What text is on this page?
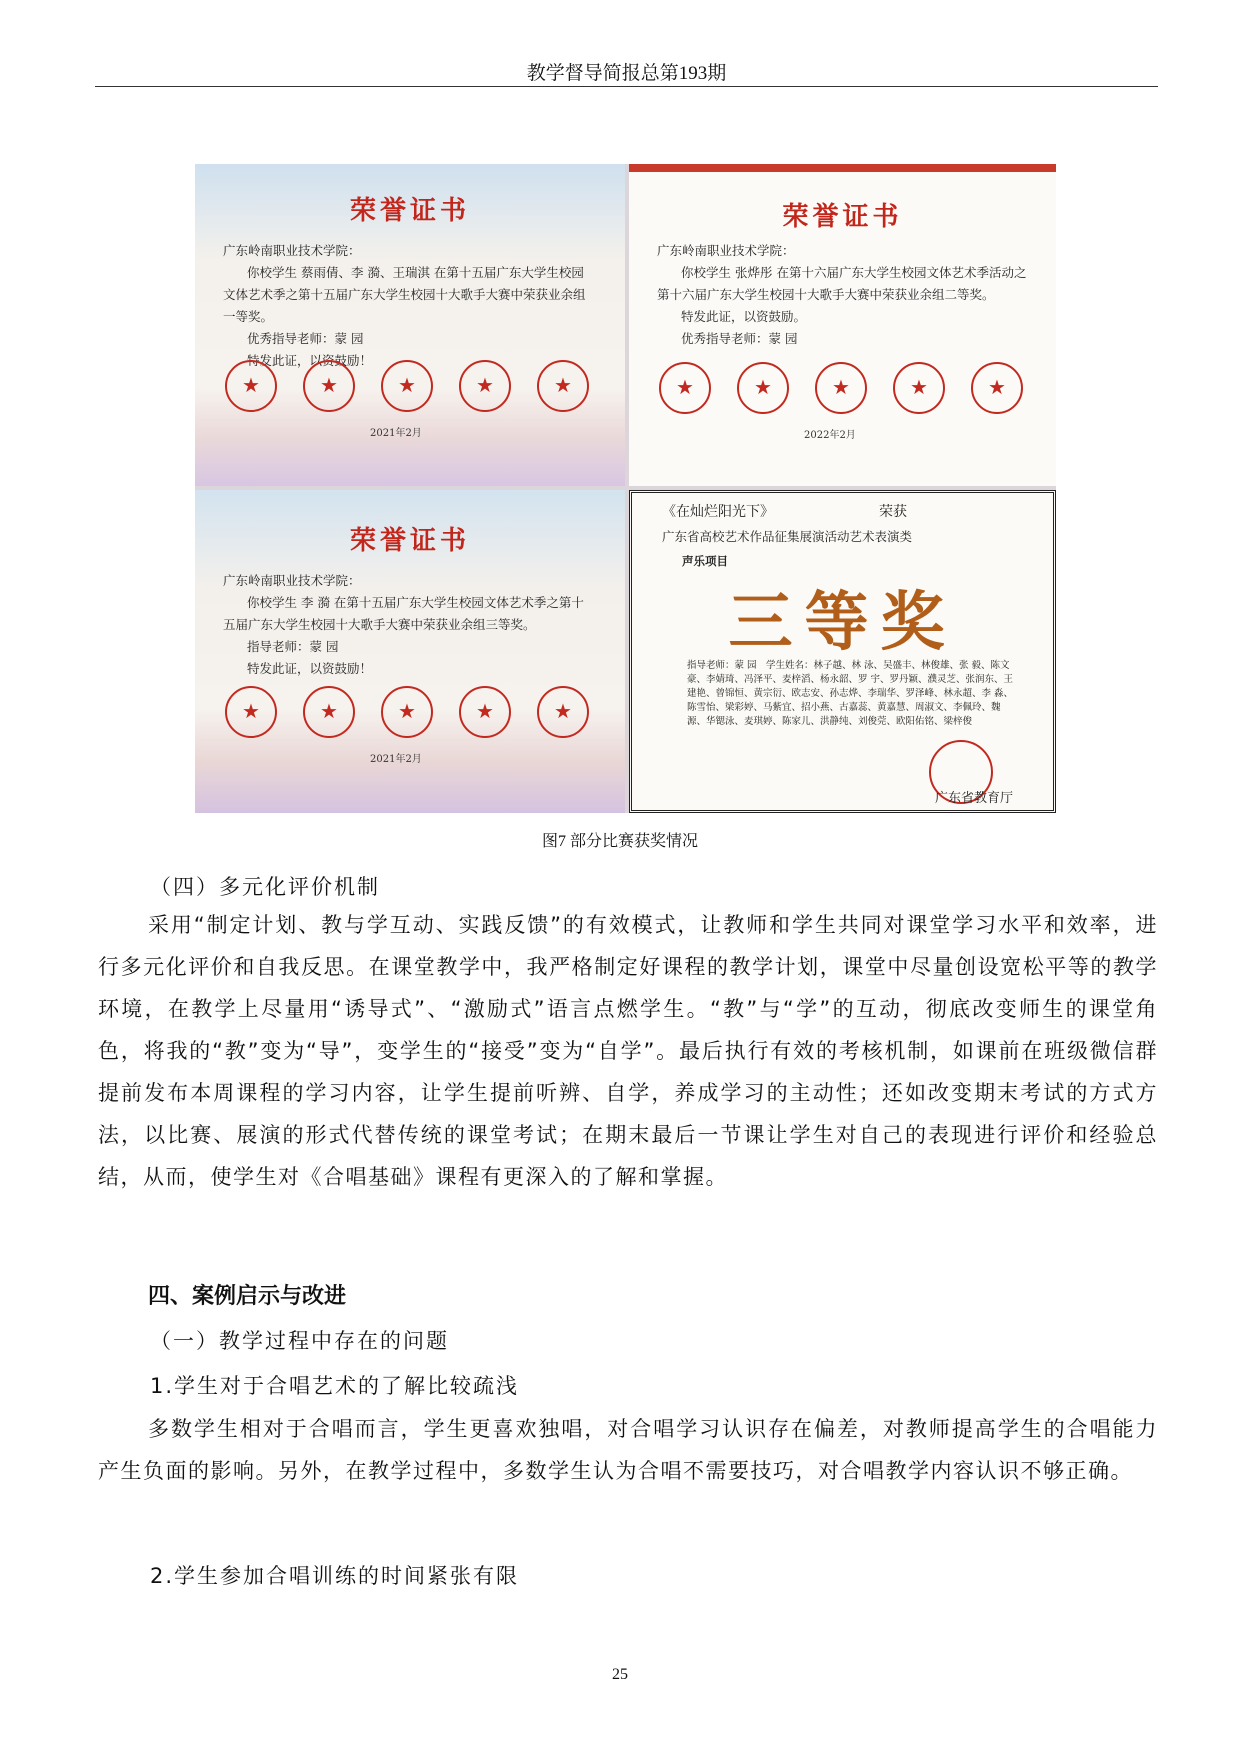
教学督导简报总第193期
荣誉证书

广东岭南职业技术学院：

你校学生 蔡雨倩、李 漪、王瑞淇 在第十五届广东大学生校园文体艺术季之第十五届广东大学生校园十大歌手大赛中荣获业余组一等奖。

优秀指导老师：蒙 园

特发此证，以资鼓励！

★	★	★	★	★
2021年2月
荣誉证书

广东岭南职业技术学院：

你校学生 张烨彤 在第十六届广东大学生校园文体艺术季活动之第十六届广东大学生校园十大歌手大赛中荣获业余组二等奖。

特发此证，以资鼓励。

优秀指导老师：蒙 园

★	★	★	★	★
2022年2月
荣誉证书

广东岭南职业技术学院：

你校学生 李 漪 在第十五届广东大学生校园文体艺术季之第十五届广东大学生校园十大歌手大赛中荣获业余组三等奖。

指导老师：蒙 园

特发此证，以资鼓励！

★	★	★	★	★
2021年2月
《在灿烂阳光下》　　　　　　　　荣获
广东省高校艺术作品征集展演活动艺术表演类
声乐项目
三等奖
指导老师：蒙 园　学生姓名：林子越、林 泳、吴盛丰、林俊雄、张 毅、陈文豪、李婧琦、冯泽平、麦梓滔、杨永韶、罗 宇、罗丹颖、濮灵芝、张润东、王建艳、曾锦恒、黄宗衍、欧志安、孙志烨、李瑞华、罗泽峰、林永超、李 淼、陈雪怡、梁彩婷、马紫宜、招小燕、古嘉蕊、黄嘉慧、周淑文、李佩玲、魏 源、华锶泳、麦琪婷、陈家儿、洪静纯、刘俊莞、欧阳佑铭、梁梓俊
广东省教育厅
图7 部分比赛获奖情况
（四）多元化评价机制

采用“制定计划、教与学互动、实践反馈”的有效模式，让教师和学生共同对课堂学习水平和效率，进行多元化评价和自我反思。在课堂教学中，我严格制定好课程的教学计划，课堂中尽量创设宽松平等的教学环境，在教学上尽量用“诱导式”、“激励式”语言点燃学生。“教”与“学”的互动，彻底改变师生的课堂角色，将我的“教”变为“导”，变学生的“接受”变为“自学”。最后执行有效的考核机制，如课前在班级微信群提前发布本周课程的学习内容，让学生提前听辨、自学，养成学习的主动性；还如改变期末考试的方式方法，以比赛、展演的形式代替传统的课堂考试；在期末最后一节课让学生对自己的表现进行评价和经验总结，从而，使学生对《合唱基础》课程有更深入的了解和掌握。

四、案例启示与改进
（一）教学过程中存在的问题
1.学生对于合唱艺术的了解比较疏浅

多数学生相对于合唱而言，学生更喜欢独唱，对合唱学习认识存在偏差，对教师提高学生的合唱能力产生负面的影响。另外，在教学过程中，多数学生认为合唱不需要技巧，对合唱教学内容认识不够正确。

2.学生参加合唱训练的时间紧张有限
25
